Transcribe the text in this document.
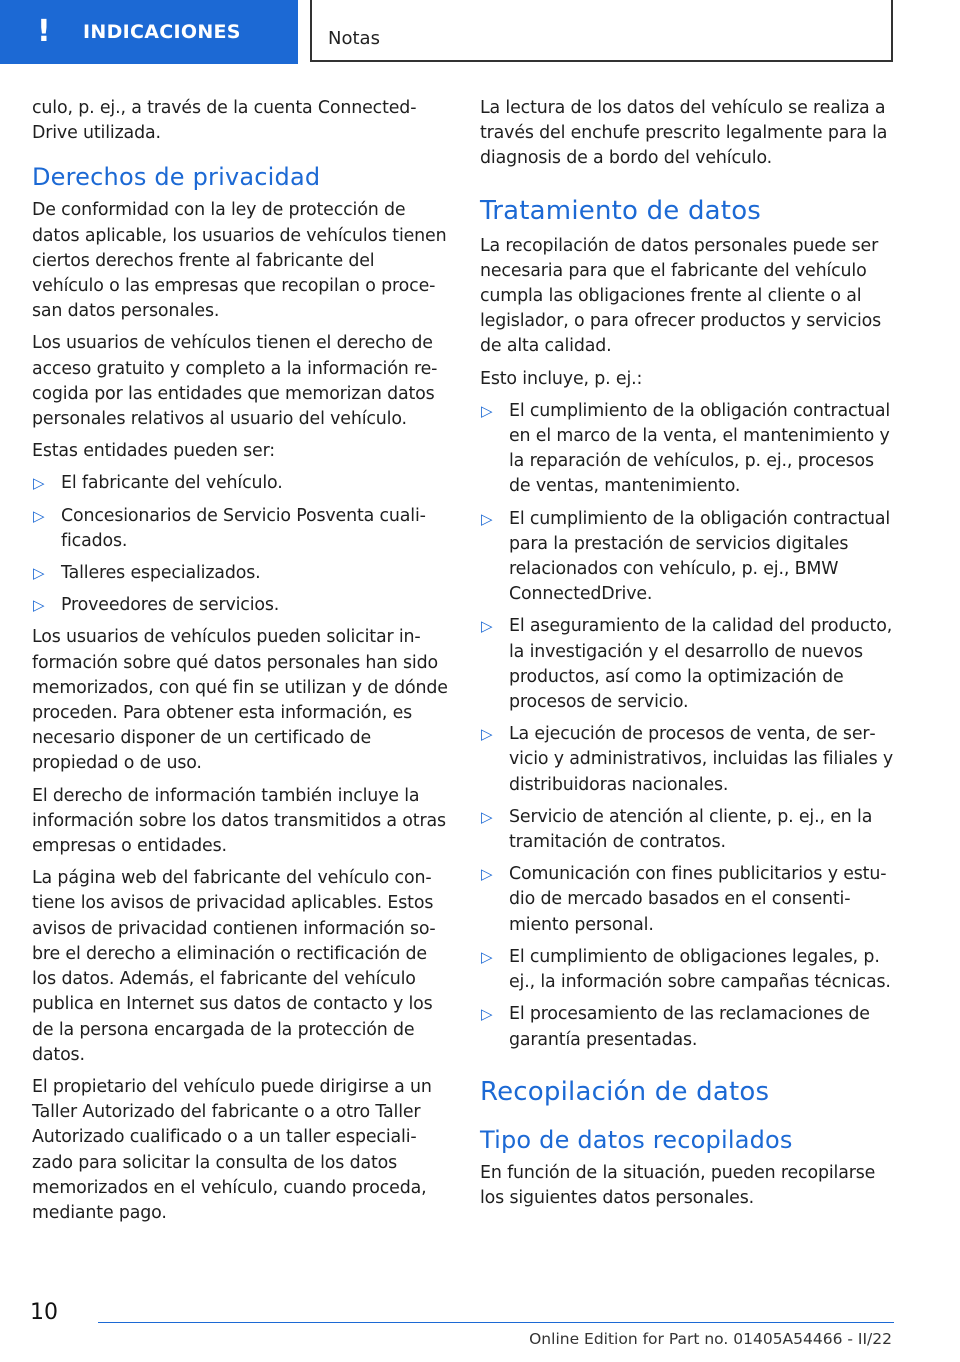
!	INDICACIONES	Notas

culo, p. ej., a través de la cuenta ConnectedDrive utilizada.

Derechos de privacidad

De conformidad con la ley de protección de datos aplicable, los usuarios de vehículos tienen ciertos derechos frente al fabricante del vehículo o las empresas que recopilan o procesan datos personales.

Los usuarios de vehículos tienen el derecho de acceso gratuito y completo a la información recogida por las entidades que memorizan datos personales relativos al usuario del vehículo.

Estas entidades pueden ser:

▷ El fabricante del vehículo.
▷ Concesionarios de Servicio Posventa cualificados.
▷ Talleres especializados.
▷ Proveedores de servicios.

Los usuarios de vehículos pueden solicitar información sobre qué datos personales han sido memorizados, con qué fin se utilizan y de dónde proceden. Para obtener esta información, es necesario disponer de un certificado de propiedad o de uso.

El derecho de información también incluye la información sobre los datos transmitidos a otras empresas o entidades.

La página web del fabricante del vehículo contiene los avisos de privacidad aplicables. Estos avisos de privacidad contienen información sobre el derecho a eliminación o rectificación de los datos. Además, el fabricante del vehículo publica en Internet sus datos de contacto y los de la persona encargada de la protección de datos.

El propietario del vehículo puede dirigirse a un Taller Autorizado del fabricante o a otro Taller Autorizado cualificado o a un taller especializado para solicitar la consulta de los datos memorizados en el vehículo, cuando proceda, mediante pago.

La lectura de los datos del vehículo se realiza a través del enchufe prescrito legalmente para la diagnosis de a bordo del vehículo.

Tratamiento de datos

La recopilación de datos personales puede ser necesaria para que el fabricante del vehículo cumpla las obligaciones frente al cliente o al legislador, o para ofrecer productos y servicios de alta calidad.

Esto incluye, p. ej.:

▷ El cumplimiento de la obligación contractual en el marco de la venta, el mantenimiento y la reparación de vehículos, p. ej., procesos de ventas, mantenimiento.
▷ El cumplimiento de la obligación contractual para la prestación de servicios digitales relacionados con vehículo, p. ej., BMW ConnectedDrive.
▷ El aseguramiento de la calidad del producto, la investigación y el desarrollo de nuevos productos, así como la optimización de procesos de servicio.
▷ La ejecución de procesos de venta, de servicio y administrativos, incluidas las filiales y distribuidoras nacionales.
▷ Servicio de atención al cliente, p. ej., en la tramitación de contratos.
▷ Comunicación con fines publicitarios y estudio de mercado basados en el consentimiento personal.
▷ El cumplimiento de obligaciones legales, p. ej., la información sobre campañas técnicas.
▷ El procesamiento de las reclamaciones de garantía presentadas.
Recopilación de datos
Tipo de datos recopilados

En función de la situación, pueden recopilarse los siguientes datos personales.

10
Online Edition for Part no. 01405A54466 - II/22
